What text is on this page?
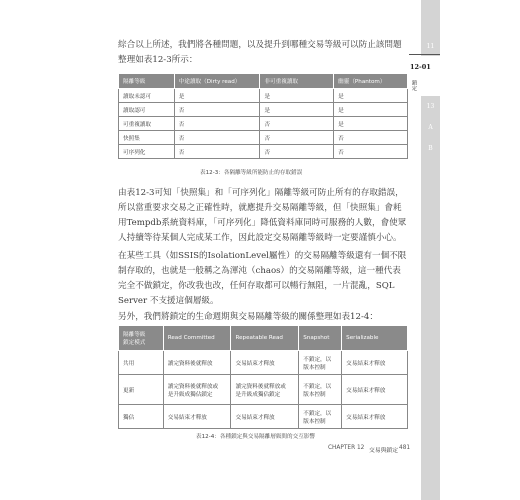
綜合以上所述，我們將各種問題，以及提升到哪種交易等級可以防止該問題整理如表12-3所示：

隔離等級	中途讀取（Dirty read）	非可重複讀取	幽靈（Phantom）
讀取未認可	是	是	是
讀取認可	否	是	是
可重複讀取	否	否	是
快照集	否	否	否
可序列化	否	否	否
表12-3：各隔離等級所能防止的存取錯誤

由表12-3可知「快照集」和「可序列化」隔離等級可防止所有的存取錯誤，所以當重要求交易之正確性時，就應提升交易隔離等級，但「快照集」會耗用Tempdb系統資料庫，「可序列化」降低資料庫同時可服務的人數，會使眾人持續等待某個人完成某工作，因此設定交易隔離等級時一定要謹慎小心。

在某些工具（如SSIS的IsolationLevel屬性）的交易隔離等級還有一個不限制存取的，也就是一般稱之為渾沌（chaos）的交易隔離等級，這一種代表完全不做鎖定，你改我也改，任何存取都可以暢行無阻，一片混亂，SQL Server 不支援這個層級。

另外，我們將鎖定的生命週期與交易隔離等級的關係整理如表12-4：

隔離等級
鎖定模式	Read Committed	Repeatable Read	Snapshot	Serializable
共用	讀完資料後就釋放	交易結束才釋放	不鎖定，以
版本控制	交易結束才釋放
更新	讀完資料後就釋放或
是升級成獨佔鎖定	讀完資料後就釋放或
是升級成獨佔鎖定	不鎖定，以
版本控制	交易結束才釋放
獨佔	交易結束才釋放	交易結束才釋放	不鎖定，以
版本控制	交易結束才釋放
表12-4：各種鎖定與交易隔離層級間的交互影響
11
12-01
鎖定
13
A
B
CHAPTER 12 交易與鎖定 481
